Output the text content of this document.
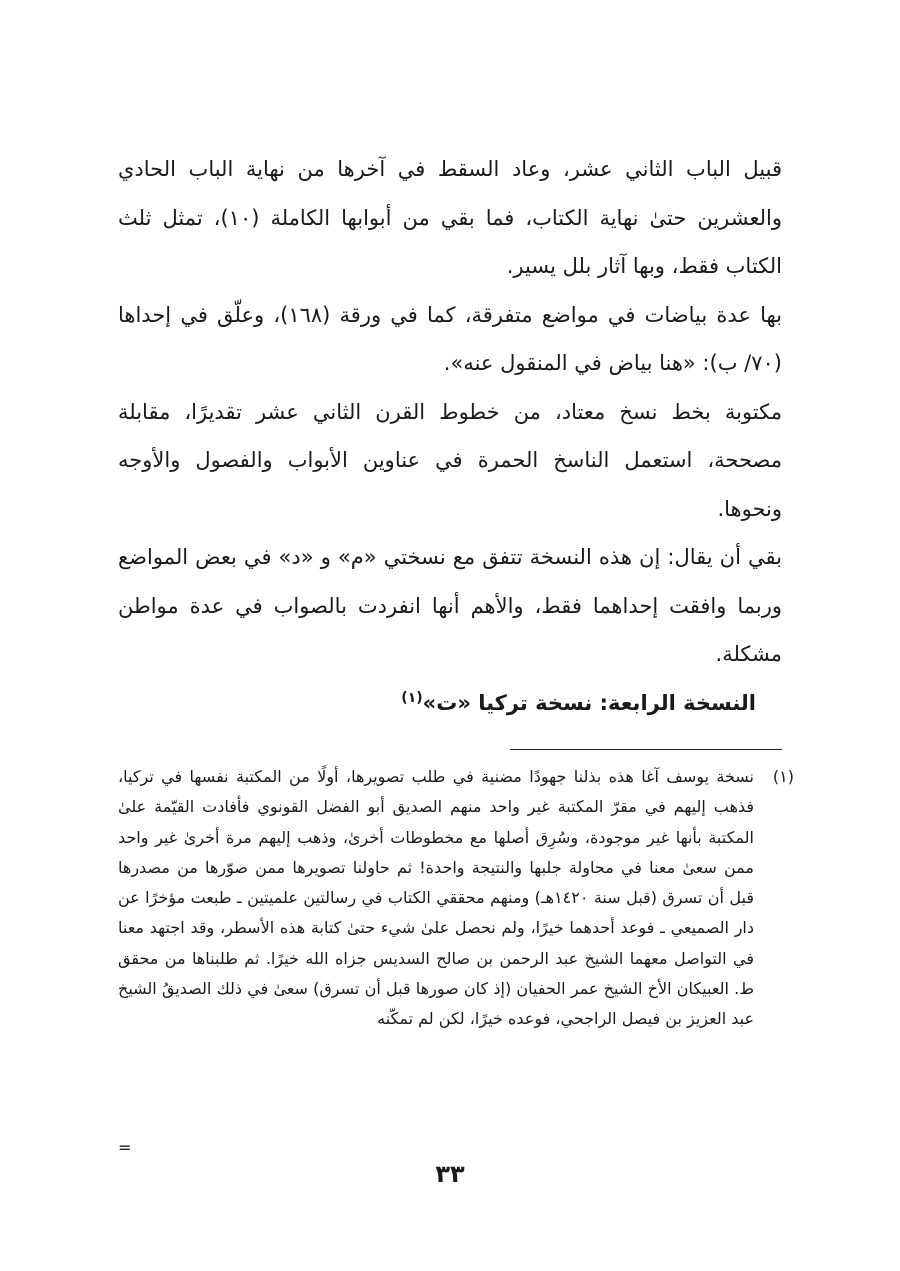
قبيل الباب الثاني عشر، وعاد السقط في آخرها من نهاية الباب الحادي والعشرين حتىٰ نهاية الكتاب، فما بقي من أبوابها الكاملة (١٠)، تمثل ثلث الكتاب فقط، وبها آثار بلل يسير.

بها عدة بياضات في مواضع متفرقة، كما في ورقة (١٦٨)، وعلّق في إحداها (٧٠/ ب): «هنا بياض في المنقول عنه».

مكتوبة بخط نسخ معتاد، من خطوط القرن الثاني عشر تقديرًا، مقابلة مصححة، استعمل الناسخ الحمرة في عناوين الأبواب والفصول والأوجه ونحوها.

بقي أن يقال: إن هذه النسخة تتفق مع نسختي «م» و «د» في بعض المواضع وربما وافقت إحداهما فقط، والأهم أنها انفردت بالصواب في عدة مواطن مشكلة.

النسخة الرابعة: نسخة تركيا «ت»$^{(١)}$

(١)
نسخة يوسف آغا هذه بذلنا جهودًا مضنية في طلب تصويرها، أولًا من المكتبة نفسها في تركيا، فذهب إليهم في مقرّ المكتبة غير واحد منهم الصديق أبو الفضل القونوي فأفادت القيّمة علىٰ المكتبة بأنها غير موجودة، وسُرِق أصلها مع مخطوطات أخرىٰ، وذهب إليهم مرة أخرىٰ غير واحد ممن سعىٰ معنا في محاولة جلبها والنتيجة واحدة! ثم حاولنا تصويرها ممن صوّرها من مصدرها قبل أن تسرق (قبل سنة ١٤٢٠هـ) ومنهم محققي الكتاب في رسالتين علميتين ـ طبعت مؤخرًا عن دار الصميعي ـ فوعد أحدهما خيرًا، ولم نحصل علىٰ شيء حتىٰ كتابة هذه الأسطر، وقد اجتهد معنا في التواصل معهما الشيخ عبد الرحمن بن صالح السديس جزاه الله خيرًا. ثم طلبناها من محقق ط. العبيكان الأخ الشيخ عمر الحفيان (إذ كان صورها قبل أن تسرق) سعىٰ في ذلك الصديقُ الشيخ عبد العزيز بن فيصل الراجحي، فوعده خيرًا، لكن لم تمكّنه
=
٣٣
